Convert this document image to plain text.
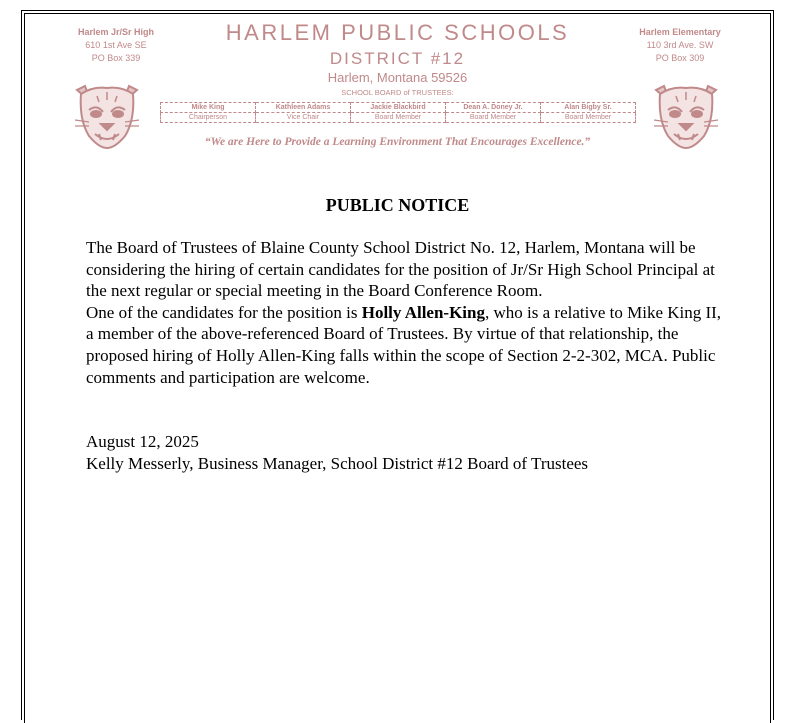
Harlem Jr/Sr High
610 1st Ave SE
PO Box 339
Harlem Elementary
110 3rd Ave. SW
PO Box 309
HARLEM PUBLIC SCHOOLS
DISTRICT #12
Harlem, Montana 59526
SCHOOL BOARD of TRUSTEES:
Mike King	Kathleen Adams	Jackie Blackbird	Dean A. Doney Jr.	Alan Bigby Sr.
Chairperson	Vice Chair	Board Member	Board Member	Board Member
“We are Here to Provide a Learning Environment That Encourages Excellence.”
PUBLIC NOTICE

The Board of Trustees of Blaine County School District No. 12, Harlem, Montana will be considering the hiring of certain candidates for the position of Jr/Sr High School Principal at the next regular or special meeting in the Board Conference Room.

One of the candidates for the position is Holly Allen-King, who is a relative to Mike King II, a member of the above-referenced Board of Trustees. By virtue of that relationship, the proposed hiring of Holly Allen-King falls within the scope of Section 2-2-302, MCA. Public comments and participation are welcome.

August 12, 2025

Kelly Messerly, Business Manager, School District #12 Board of Trustees
